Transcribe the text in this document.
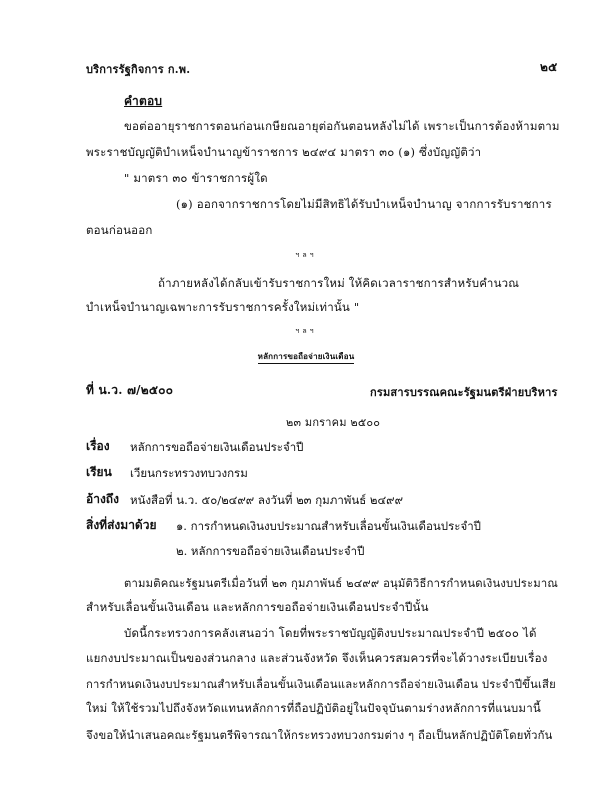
บริการรัฐกิจการ ก.พ.	๒๕
คำตอบ
ขอต่ออายุราชการตอนก่อนเกษียณอายุต่อกันตอนหลังไม่ได้ เพราะเป็นการต้องห้ามตาม
พระราชบัญญัติบำเหน็จบำนาญข้าราชการ ๒๔๙๔ มาตรา ๓๐ (๑) ซึ่งบัญญัติว่า
" มาตรา ๓๐ ข้าราชการผู้ใด
(๑) ออกจากราชการโดยไม่มีสิทธิได้รับบำเหน็จบำนาญ จากการรับราชการ
ตอนก่อนออก
ฯลฯ
ถ้าภายหลังได้กลับเข้ารับราชการใหม่ ให้คิดเวลาราชการสำหรับคำนวณ
บำเหน็จบำนาญเฉพาะการรับราชการครั้งใหม่เท่านั้น "
ฯลฯ
หลักการขอถือจ่ายเงินเดือน
ที่ น.ว. ๗/๒๕๐๐	กรมสารบรรณคณะรัฐมนตรีฝ่ายบริหาร
๒๓ มกราคม ๒๕๐๐
เรื่อง หลักการขอถือจ่ายเงินเดือนประจำปี
เรียน เวียนกระทรวงทบวงกรม
อ้างถึง หนังสือที่ น.ว. ๕๐/๒๔๙๙ ลงวันที่ ๒๓ กุมภาพันธ์ ๒๔๙๙
สิ่งที่ส่งมาด้วย ๑. การกำหนดเงินงบประมาณสำหรับเลื่อนขั้นเงินเดือนประจำปี
๒. หลักการขอถือจ่ายเงินเดือนประจำปี
ตามมติคณะรัฐมนตรีเมื่อวันที่ ๒๓ กุมภาพันธ์ ๒๔๙๙ อนุมัติวิธีการกำหนดเงินงบประมาณ
สำหรับเลื่อนขั้นเงินเดือน และหลักการขอถือจ่ายเงินเดือนประจำปีนั้น
บัดนี้กระทรวงการคลังเสนอว่า โดยที่พระราชบัญญัติงบประมาณประจำปี ๒๕๐๐ ได้
แยกงบประมาณเป็นของส่วนกลาง และส่วนจังหวัด จึงเห็นควรสมควรที่จะได้วางระเบียบเรื่อง
การกำหนดเงินงบประมาณสำหรับเลื่อนขั้นเงินเดือนและหลักการถือจ่ายเงินเดือน ประจำปีขึ้นเสีย
ใหม่ ให้ใช้รวมไปถึงจังหวัดแทนหลักการที่ถือปฏิบัติอยู่ในปัจจุบันตามร่างหลักการที่แนบมานี้
จึงขอให้นำเสนอคณะรัฐมนตรีพิจารณาให้กระทรวงทบวงกรมต่าง ๆ ถือเป็นหลักปฏิบัติโดยทั่วกัน
